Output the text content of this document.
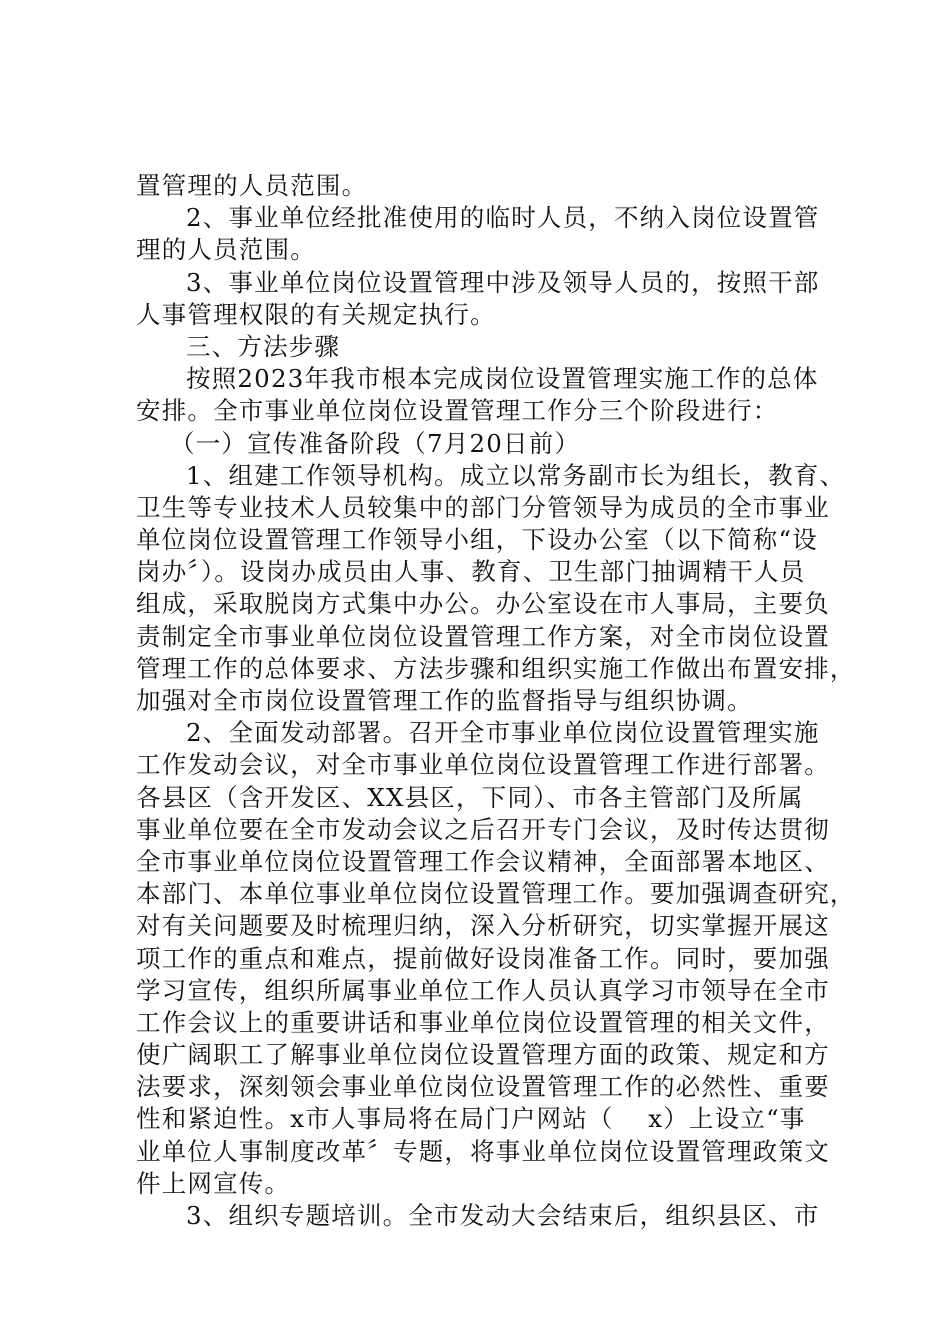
置管理的人员范围。
2、事业单位经批准使用的临时人员，不纳入岗位设置管
理的人员范围。
3、事业单位岗位设置管理中涉及领导人员的，按照干部
人事管理权限的有关规定执行。
三、方法步骤
按照2023年我市根本完成岗位设置管理实施工作的总体
安排。全市事业单位岗位设置管理工作分三个阶段进行：
（一）宣传准备阶段（7月20日前）
1、组建工作领导机构。成立以常务副市长为组长，教育、
卫生等专业技术人员较集中的部门分管领导为成员的全市事业
单位岗位设置管理工作领导小组，下设办公室（以下简称“设
岗办〞）。设岗办成员由人事、教育、卫生部门抽调精干人员
组成，采取脱岗方式集中办公。办公室设在市人事局，主要负
责制定全市事业单位岗位设置管理工作方案，对全市岗位设置
管理工作的总体要求、方法步骤和组织实施工作做出布置安排，
加强对全市岗位设置管理工作的监督指导与组织协调。
2、全面发动部署。召开全市事业单位岗位设置管理实施
工作发动会议，对全市事业单位岗位设置管理工作进行部署。
各县区（含开发区、XX县区，下同）、市各主管部门及所属
事业单位要在全市发动会议之后召开专门会议，及时传达贯彻
全市事业单位岗位设置管理工作会议精神，全面部署本地区、
本部门、本单位事业单位岗位设置管理工作。要加强调查研究，
对有关问题要及时梳理归纳，深入分析研究，切实掌握开展这
项工作的重点和难点，提前做好设岗准备工作。同时，要加强
学习宣传，组织所属事业单位工作人员认真学习市领导在全市
工作会议上的重要讲话和事业单位岗位设置管理的相关文件，
使广阔职工了解事业单位岗位设置管理方面的政策、规定和方
法要求，深刻领会事业单位岗位设置管理工作的必然性、重要
性和紧迫性。x市人事局将在局门户网站（　 x）上设立“事
业单位人事制度改革〞专题，将事业单位岗位设置管理政策文
件上网宣传。
3、组织专题培训。全市发动大会结束后，组织县区、市
